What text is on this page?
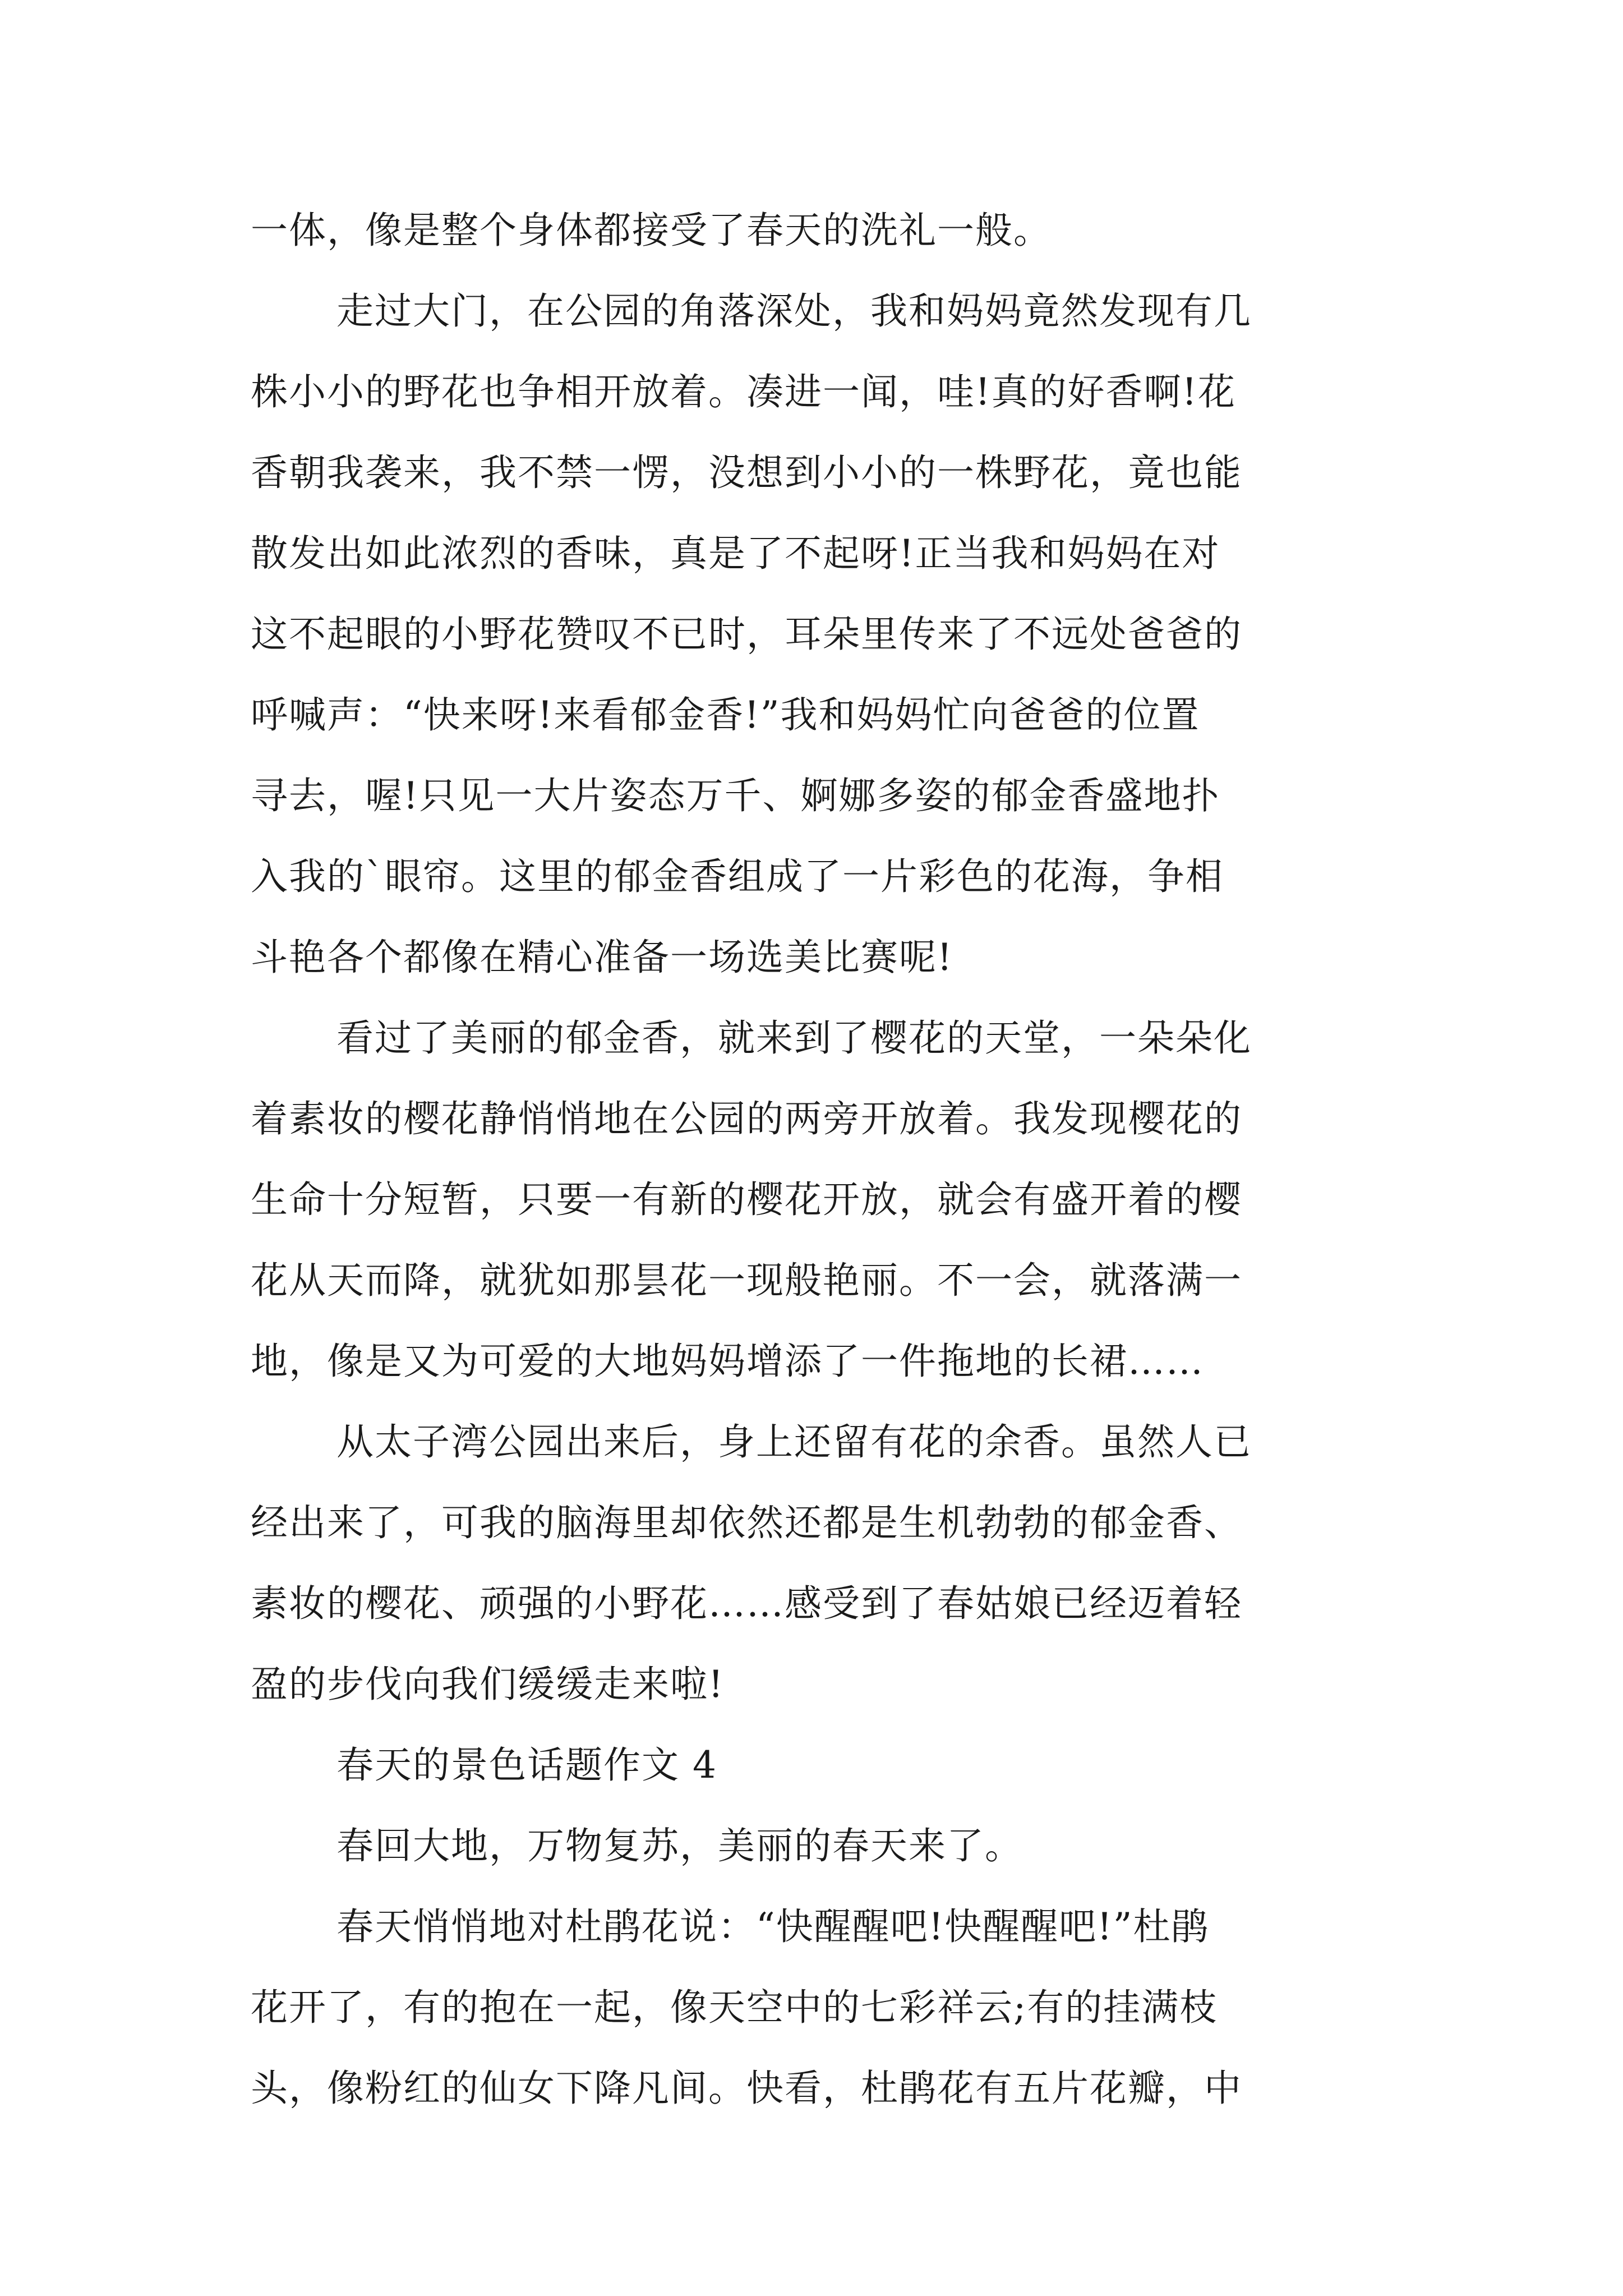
一体，像是整个身体都接受了春天的洗礼一般。
走过大门，在公园的角落深处，我和妈妈竟然发现有几
株小小的野花也争相开放着。凑进一闻，哇!真的好香啊!花
香朝我袭来，我不禁一愣，没想到小小的一株野花，竟也能
散发出如此浓烈的香味，真是了不起呀!正当我和妈妈在对
这不起眼的小野花赞叹不已时，耳朵里传来了不远处爸爸的
呼喊声：“快来呀!来看郁金香!”我和妈妈忙向爸爸的位置
寻去，喔!只见一大片姿态万千、婀娜多姿的郁金香盛地扑
入我的`眼帘。这里的郁金香组成了一片彩色的花海，争相
斗艳各个都像在精心准备一场选美比赛呢!
看过了美丽的郁金香，就来到了樱花的天堂，一朵朵化
着素妆的樱花静悄悄地在公园的两旁开放着。我发现樱花的
生命十分短暂，只要一有新的樱花开放，就会有盛开着的樱
花从天而降，就犹如那昙花一现般艳丽。不一会，就落满一
地，像是又为可爱的大地妈妈增添了一件拖地的长裙……
从太子湾公园出来后，身上还留有花的余香。虽然人已
经出来了，可我的脑海里却依然还都是生机勃勃的郁金香、
素妆的樱花、顽强的小野花……感受到了春姑娘已经迈着轻
盈的步伐向我们缓缓走来啦!
春天的景色话题作文 4
春回大地，万物复苏，美丽的春天来了。
春天悄悄地对杜鹃花说：“快醒醒吧!快醒醒吧!”杜鹃
花开了，有的抱在一起，像天空中的七彩祥云;有的挂满枝
头，像粉红的仙女下降凡间。快看，杜鹃花有五片花瓣，中
